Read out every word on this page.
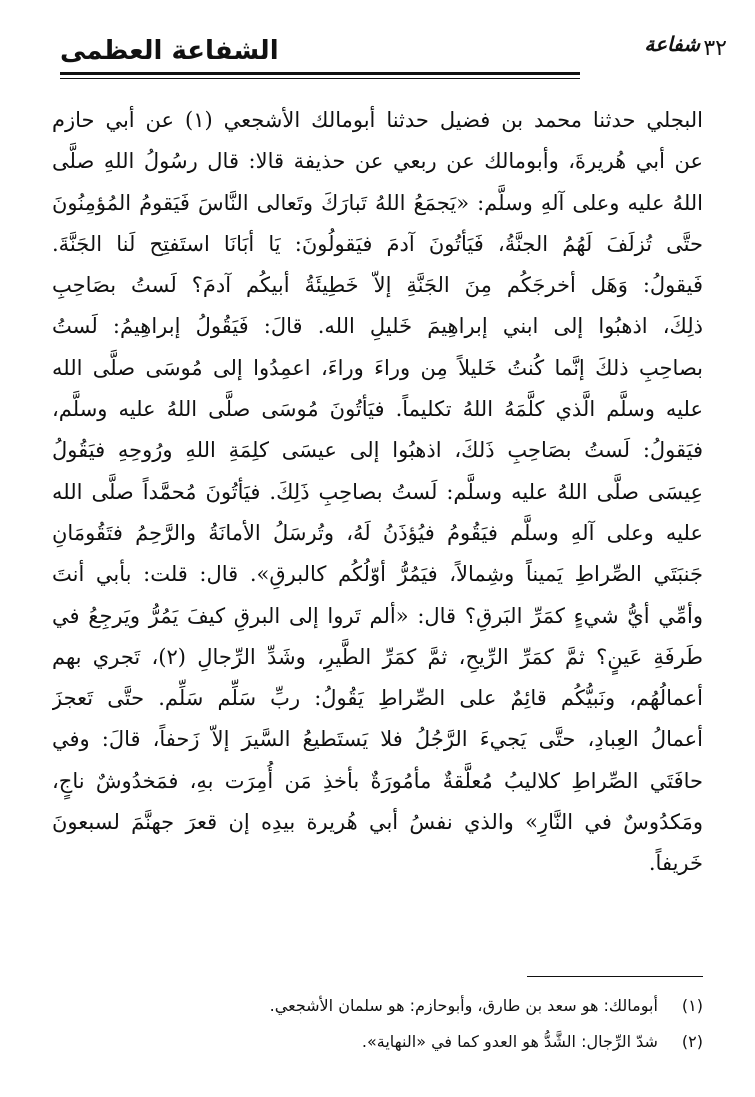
الشفاعة العظمى	شفاعة ٣٢
البجلي حدثنا محمد بن فضيل حدثنا أبومالك الأشجعي (١) عن أبي حازم
عن أبي هُريرةَ، وأبومالك عن ربعي عن حذيفة قالا: قال رسُولُ اللهِ صلَّى
اللهُ عليه وعلى آلهِ وسلَّم: «يَجمَعُ اللهُ تَبارَكَ وتَعالى النَّاسَ فَيَقومُ المُؤمِنُونَ
حتَّى تُزلَفَ لَهُمُ الجنَّةُ، فَيَأتُونَ آدمَ فيَقولُونَ: يَا أبَانَا استَفتِح لَنا الجَنَّةَ.
فَيقولُ: وَهَل أخرجَكُم مِنَ الجَنَّةِ إلاّ خَطِيئَةُ أبيكُم آدمَ؟ لَستُ بصَاحِبِ
ذلِكَ، اذهبُوا إلى ابني إبراهِيمَ خَليلِ الله. قالَ: فَيَقُولُ إبراهِيمُ: لَستُ
بصاحِبِ ذلكَ إنَّما كُنتُ خَليلاً مِن وراءَ وراءَ، اعمِدُوا إلى مُوسَى صلَّى الله
عليه وسلَّم الَّذي كلَّمَهُ اللهُ تكليماً. فيَأتُونَ مُوسَى صلَّى اللهُ عليه وسلَّم،
فيَقولُ: لَستُ بصَاحِبِ ذَلكَ، اذهبُوا إلى عيسَى كلِمَةِ اللهِ ورُوحِهِ فيَقُولُ
عِيسَى صلَّى اللهُ عليه وسلَّم: لَستُ بصاحِبِ ذَلِكَ. فيَأتُونَ مُحمَّداً صلَّى الله
عليه وعلى آلهِ وسلَّم فيَقُومُ فيُؤذَنُ لَهُ، وتُرسَلُ الأمانَةُ والرَّحِمُ فتَقُومَانِ
جَنبَتَي الصِّراطِ يَميناً وشِمالاً، فيَمُرُّ أوّلُكُم كالبرقِ». قال: قلت: بأبي أنتَ
وأمِّي أيُّ شيءٍ كمَرِّ البَرقِ؟ قال: «ألم تَروا إلى البرقِ كيفَ يَمُرُّ ويَرجِعُ في
طَرفَةِ عَينٍ؟ ثمَّ كمَرِّ الرِّيحِ، ثمَّ كمَرِّ الطَّيرِ، وشَدِّ الرِّجالِ (٢)، تَجري بهم
أعمالُهُم، ونَبيُّكُم قائِمٌ على الصِّراطِ يَقُولُ: ربِّ سَلِّم سَلِّم. حتَّى تَعجزَ
أعمالُ العِبادِ، حتَّى يَجيءَ الرَّجُلُ فلا يَستَطيعُ السَّيرَ إلاّ زَحفاً، قالَ: وفي
حافَتَي الصِّراطِ كلاليبُ مُعلَّقةٌ مأمُورَةٌ بأخذِ مَن أُمِرَت بهِ، فمَخدُوشٌ ناجٍ،
ومَكدُوسٌ في النَّارِ» والذي نفسُ أبي هُريرة بيدِه إن قعرَ جهنَّمَ لسبعونَ
خَريفاً.
(١) أبومالك: هو سعد بن طارق، وأبوحازم: هو سلمان الأشجعي.
(٢) شدّ الرِّجال: الشَّدُّ هو العدو كما في «النهاية».
